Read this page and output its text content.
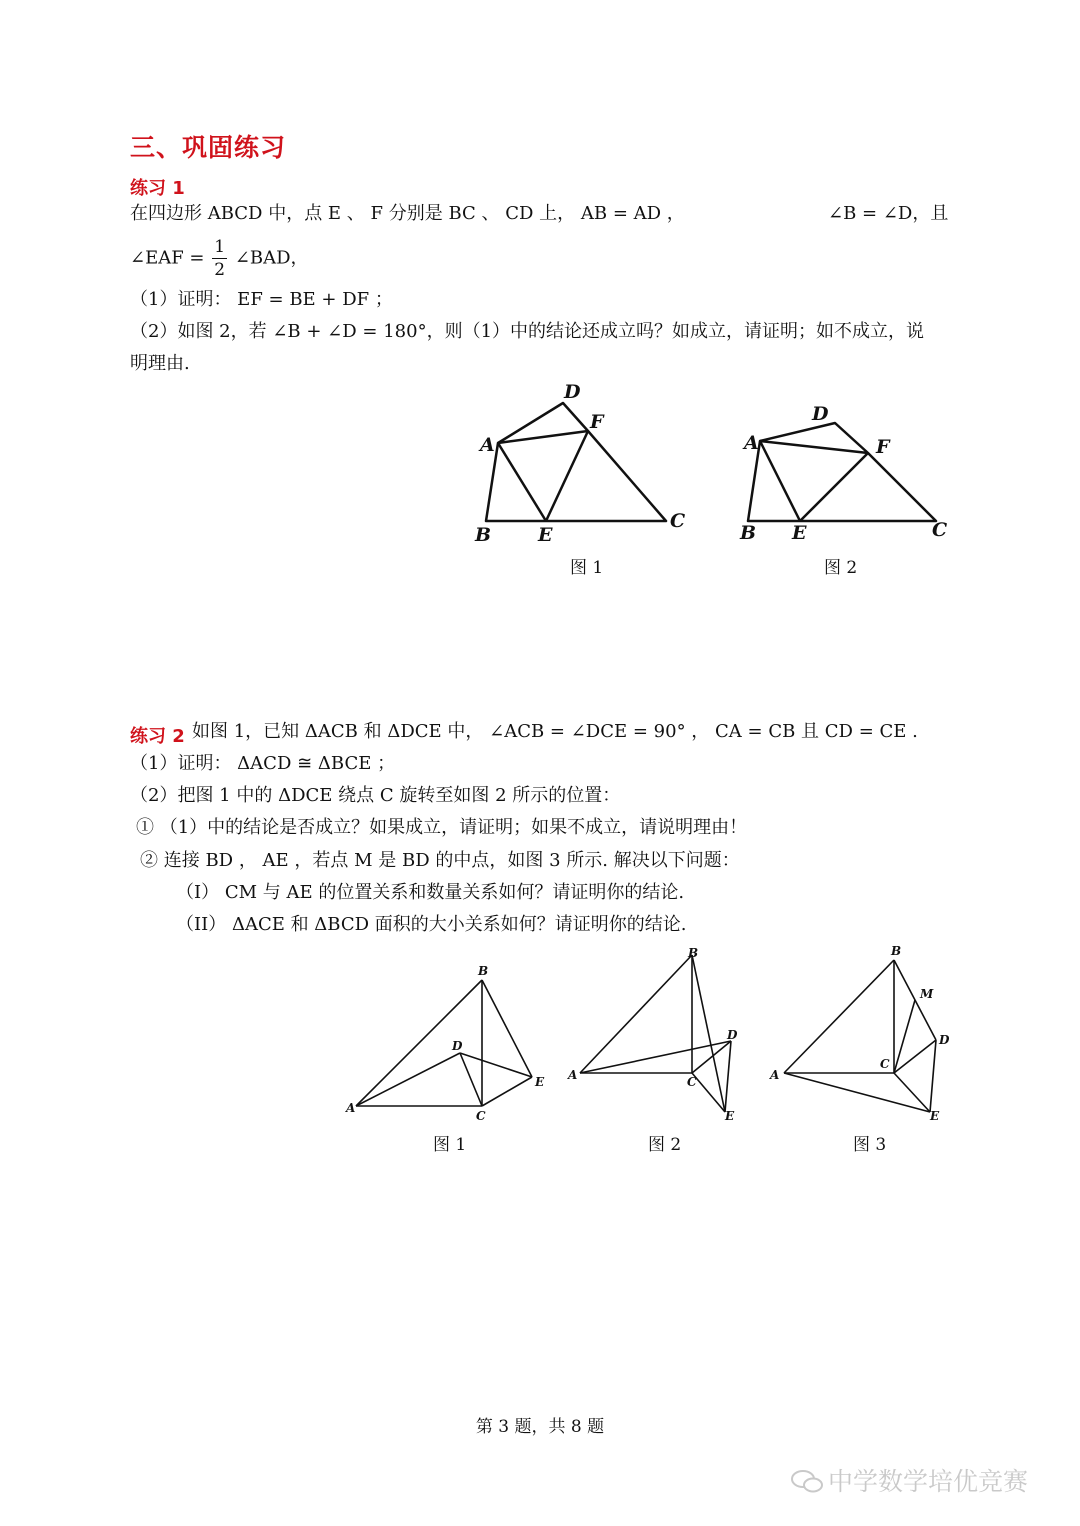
三、巩固练习
练习 1
在四边形 ABCD 中，点 E 、 F 分别是 BC 、 CD 上， AB = AD ，	∠B = ∠D，且
∠EAF = $\frac{1}{2}$ ∠BAD，
（1）证明： EF = BE + DF ；
（2）如图 2，若 ∠B + ∠D = 180°，则（1）中的结论还成立吗？如成立，请证明；如不成立，说
明理由.
D
F
A
B E
C
D
F
A
B E	C
图 1	图 2
练习 2 如图 1，已知 ΔACB 和 ΔDCE 中， ∠ACB = ∠DCE = 90° ， CA = CB 且 CD = CE .
（1）证明： ΔACD ≅ ΔBCE ；
（2）把图 1 中的 ΔDCE 绕点 C 旋转至如图 2 所示的位置：
① （1）中的结论是否成立？如果成立，请证明；如果不成立，请说明理由！
② 连接 BD ， AE ，若点 M 是 BD 的中点，如图 3 所示. 解决以下问题：
（I） CM 与 AE 的位置关系和数量关系如何？请证明你的结论.
（II） ΔACE 和 ΔBCD 面积的大小关系如何？请证明你的结论.
A
B
C
D
E A
B
C
D
E
A
B
C
D
E
M
图 1	图 2	图 3
第 3 题，共 8 题
中学数学培优竞赛
